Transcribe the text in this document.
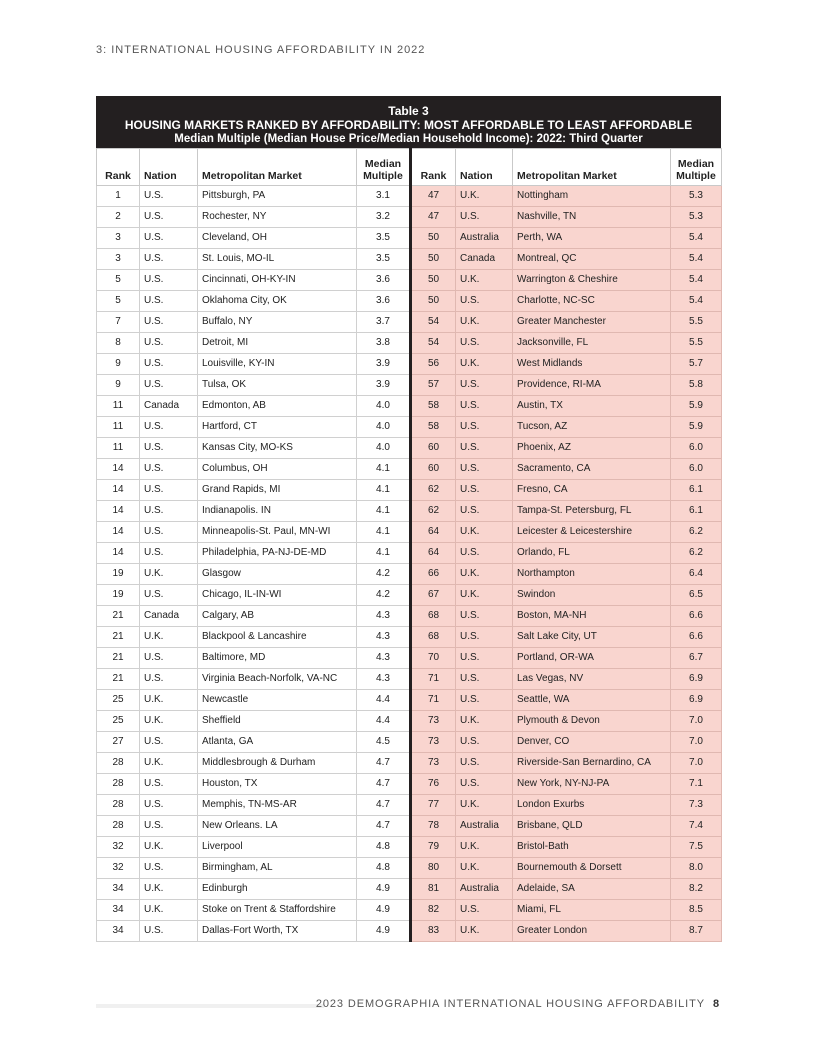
3: INTERNATIONAL HOUSING AFFORDABILITY IN 2022
Table 3
HOUSING MARKETS RANKED BY AFFORDABILITY: MOST AFFORDABLE TO LEAST AFFORDABLE
Median Multiple (Median House Price/Median Household Income): 2022: Third Quarter
Rank	Nation	Metropolitan Market	Median
Multiple	Rank	Nation	Metropolitan Market	Median
Multiple
1	U.S.	Pittsburgh, PA	3.1	47	U.K.	Nottingham	5.3
2	U.S.	Rochester, NY	3.2	47	U.S.	Nashville, TN	5.3
3	U.S.	Cleveland, OH	3.5	50	Australia	Perth, WA	5.4
3	U.S.	St. Louis, MO-IL	3.5	50	Canada	Montreal, QC	5.4
5	U.S.	Cincinnati, OH-KY-IN	3.6	50	U.K.	Warrington & Cheshire	5.4
5	U.S.	Oklahoma City, OK	3.6	50	U.S.	Charlotte, NC-SC	5.4
7	U.S.	Buffalo, NY	3.7	54	U.K.	Greater Manchester	5.5
8	U.S.	Detroit, MI	3.8	54	U.S.	Jacksonville, FL	5.5
9	U.S.	Louisville, KY-IN	3.9	56	U.K.	West Midlands	5.7
9	U.S.	Tulsa, OK	3.9	57	U.S.	Providence, RI-MA	5.8
11	Canada	Edmonton, AB	4.0	58	U.S.	Austin, TX	5.9
11	U.S.	Hartford, CT	4.0	58	U.S.	Tucson, AZ	5.9
11	U.S.	Kansas City, MO-KS	4.0	60	U.S.	Phoenix, AZ	6.0
14	U.S.	Columbus, OH	4.1	60	U.S.	Sacramento, CA	6.0
14	U.S.	Grand Rapids, MI	4.1	62	U.S.	Fresno, CA	6.1
14	U.S.	Indianapolis. IN	4.1	62	U.S.	Tampa-St. Petersburg, FL	6.1
14	U.S.	Minneapolis-St. Paul, MN-WI	4.1	64	U.K.	Leicester & Leicestershire	6.2
14	U.S.	Philadelphia, PA-NJ-DE-MD	4.1	64	U.S.	Orlando, FL	6.2
19	U.K.	Glasgow	4.2	66	U.K.	Northampton	6.4
19	U.S.	Chicago, IL-IN-WI	4.2	67	U.K.	Swindon	6.5
21	Canada	Calgary, AB	4.3	68	U.S.	Boston, MA-NH	6.6
21	U.K.	Blackpool & Lancashire	4.3	68	U.S.	Salt Lake City, UT	6.6
21	U.S.	Baltimore, MD	4.3	70	U.S.	Portland, OR-WA	6.7
21	U.S.	Virginia Beach-Norfolk, VA-NC	4.3	71	U.S.	Las Vegas, NV	6.9
25	U.K.	Newcastle	4.4	71	U.S.	Seattle, WA	6.9
25	U.K.	Sheffield	4.4	73	U.K.	Plymouth & Devon	7.0
27	U.S.	Atlanta, GA	4.5	73	U.S.	Denver, CO	7.0
28	U.K.	Middlesbrough & Durham	4.7	73	U.S.	Riverside-San Bernardino, CA	7.0
28	U.S.	Houston, TX	4.7	76	U.S.	New York, NY-NJ-PA	7.1
28	U.S.	Memphis, TN-MS-AR	4.7	77	U.K.	London Exurbs	7.3
28	U.S.	New Orleans. LA	4.7	78	Australia	Brisbane, QLD	7.4
32	U.K.	Liverpool	4.8	79	U.K.	Bristol-Bath	7.5
32	U.S.	Birmingham, AL	4.8	80	U.K.	Bournemouth & Dorsett	8.0
34	U.K.	Edinburgh	4.9	81	Australia	Adelaide, SA	8.2
34	U.K.	Stoke on Trent & Staffordshire	4.9	82	U.S.	Miami, FL	8.5
34	U.S.	Dallas-Fort Worth, TX	4.9	83	U.K.	Greater London	8.7
2023 DEMOGRAPHIA INTERNATIONAL HOUSING AFFORDABILITY 8
